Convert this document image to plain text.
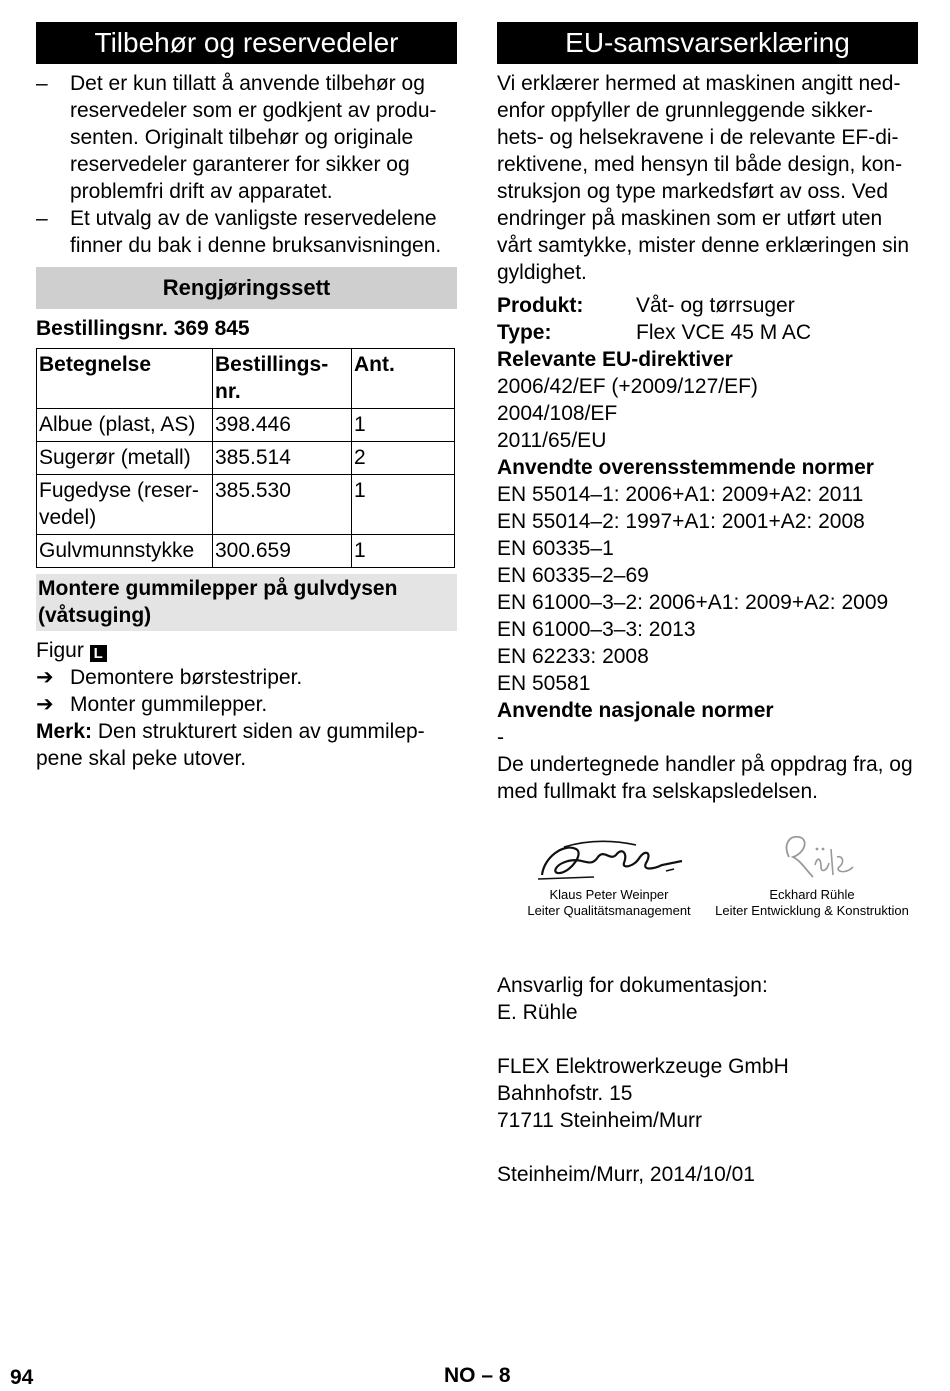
Tilbehør og reservedeler
– Det er kun tillatt å anvende tilbehør og reservedeler som er godkjent av produ-senten. Originalt tilbehør og originale reservedeler garanterer for sikker og problemfri drift av apparatet.
– Et utvalg av de vanligste reservedelene finner du bak i denne bruksanvisningen.
Rengjøringssett
Bestillingsnr. 369 845
Betegnelse	Bestillings-nr.	Ant.
Albue (plast, AS)	398.446	1
Sugerør (metall)	385.514	2
Fugedyse (reser-vedel)	385.530	1
Gulvmunnstykke	300.659	1
Montere gummilepper på gulvdysen (våtsuging)
Figur L
➔ Demontere børstestriper.
➔ Monter gummilepper.

Merk: Den strukturert siden av gummilep-pene skal peke utover.

EU-samsvarserklæring

Vi erklærer hermed at maskinen angitt ned-enfor oppfyller de grunnleggende sikker-hets- og helsekravene i de relevante EF-di-rektivene, med hensyn til både design, kon-struksjon og type markedsført av oss. Ved endringer på maskinen som er utført uten vårt samtykke, mister denne erklæringen sin gyldighet.

Produkt:	Våt- og tørrsuger
Type:	Flex VCE 45 M AC
Relevante EU-direktiver
2006/42/EF (+2009/127/EF)
2004/108/EF
2011/65/EU
Anvendte overensstemmende normer
EN 55014–1: 2006+A1: 2009+A2: 2011
EN 55014–2: 1997+A1: 2001+A2: 2008
EN 60335–1
EN 60335–2–69
EN 61000–3–2: 2006+A1: 2009+A2: 2009
EN 61000–3–3: 2013
EN 62233: 2008
EN 50581
Anvendte nasjonale normer
-

De undertegnede handler på oppdrag fra, og med fullmakt fra selskapsledelsen.

Klaus Peter Weinper
Leiter Qualitätsmanagement
Eckhard Rühle
Leiter Entwicklung & Konstruktion
Ansvarlig for dokumentasjon:
E. Rühle
FLEX Elektrowerkzeuge GmbH
Bahnhofstr. 15
71711 Steinheim/Murr
Steinheim/Murr, 2014/10/01
94	NO – 8
